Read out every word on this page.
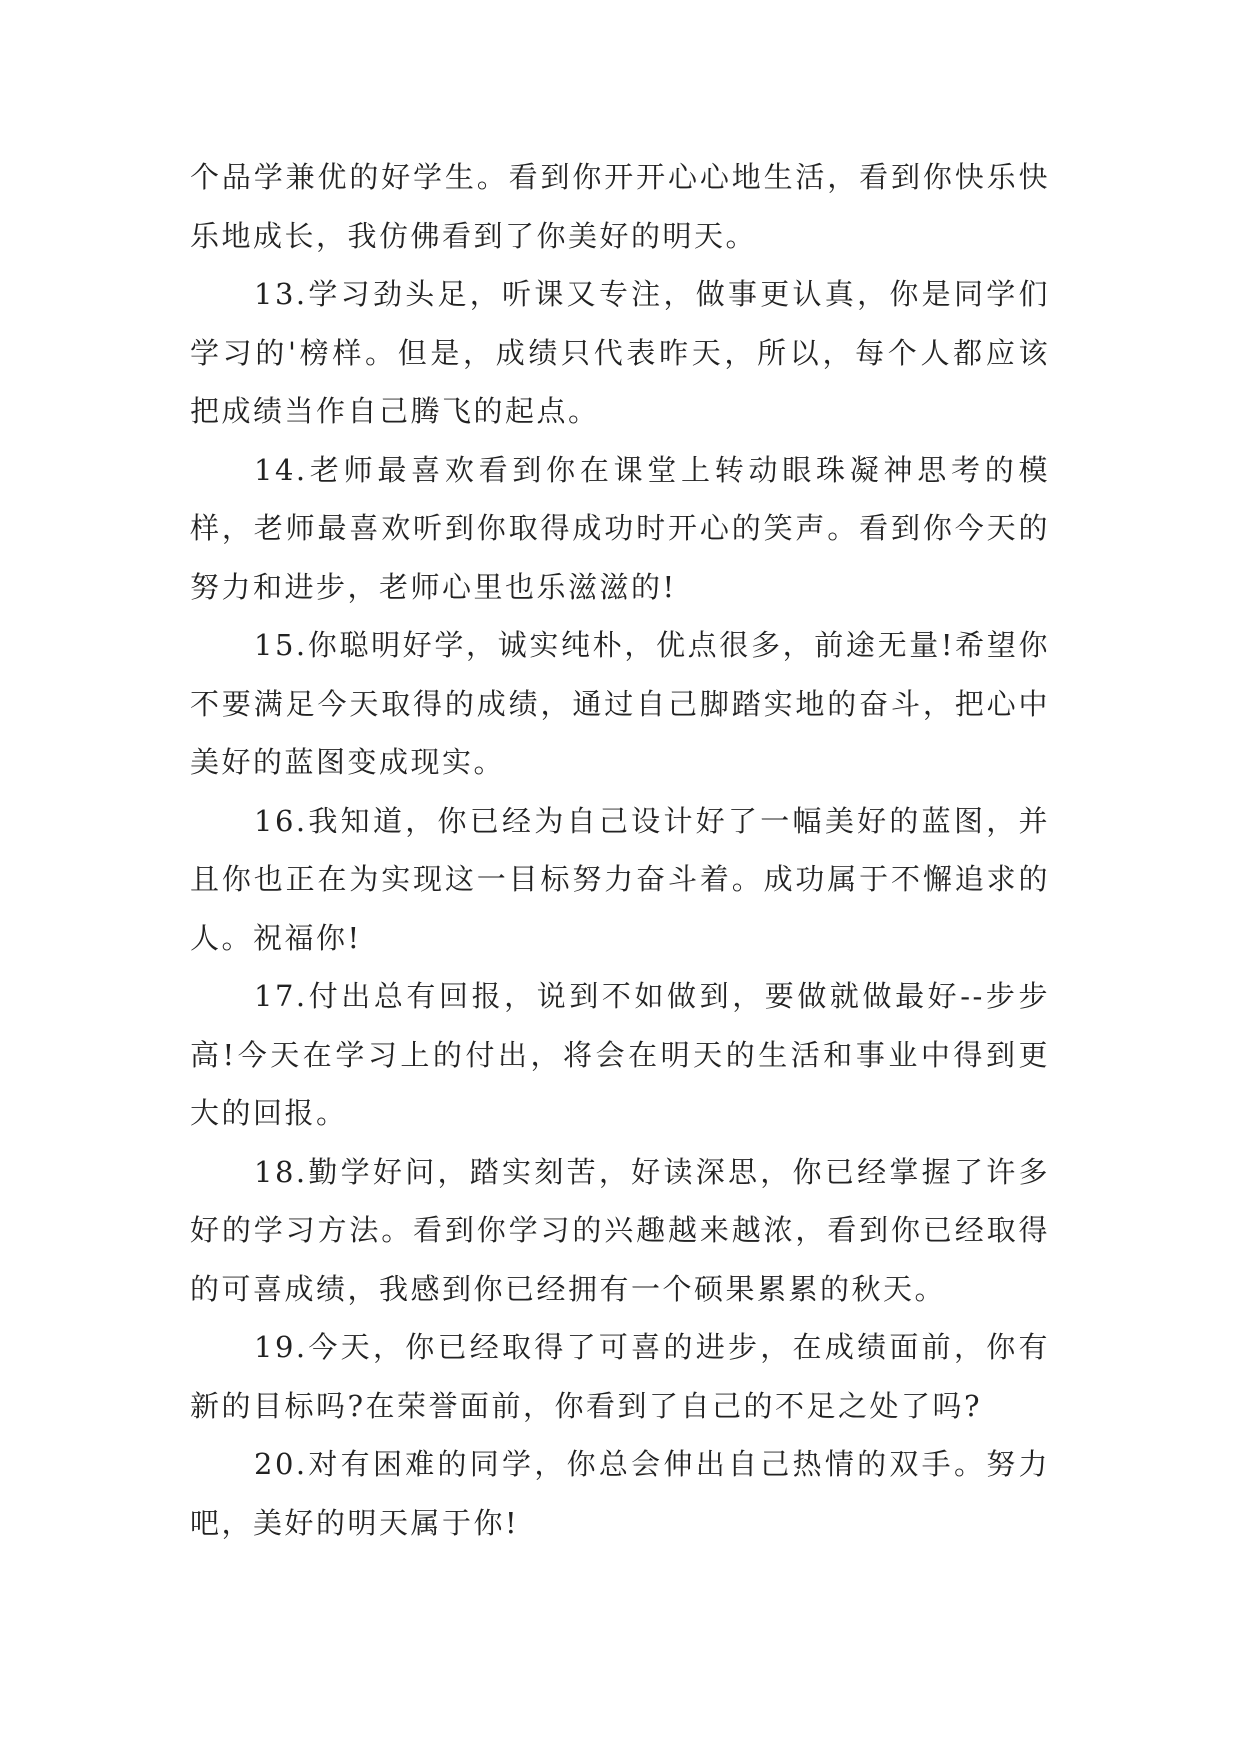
个品学兼优的好学生。看到你开开心心地生活，看到你快乐快乐地成长，我仿佛看到了你美好的明天。

13.学习劲头足，听课又专注，做事更认真，你是同学们学习的'榜样。但是，成绩只代表昨天，所以，每个人都应该把成绩当作自己腾飞的起点。

14.老师最喜欢看到你在课堂上转动眼珠凝神思考的模样，老师最喜欢听到你取得成功时开心的笑声。看到你今天的努力和进步，老师心里也乐滋滋的!

15.你聪明好学，诚实纯朴，优点很多，前途无量!希望你不要满足今天取得的成绩，通过自己脚踏实地的奋斗，把心中美好的蓝图变成现实。

16.我知道，你已经为自己设计好了一幅美好的蓝图，并且你也正在为实现这一目标努力奋斗着。成功属于不懈追求的人。祝福你!

17.付出总有回报，说到不如做到，要做就做最好--步步高!今天在学习上的付出，将会在明天的生活和事业中得到更大的回报。

18.勤学好问，踏实刻苦，好读深思，你已经掌握了许多好的学习方法。看到你学习的兴趣越来越浓，看到你已经取得的可喜成绩，我感到你已经拥有一个硕果累累的秋天。

19.今天，你已经取得了可喜的进步，在成绩面前，你有新的目标吗?在荣誉面前，你看到了自己的不足之处了吗?

20.对有困难的同学，你总会伸出自己热情的双手。努力吧，美好的明天属于你!
